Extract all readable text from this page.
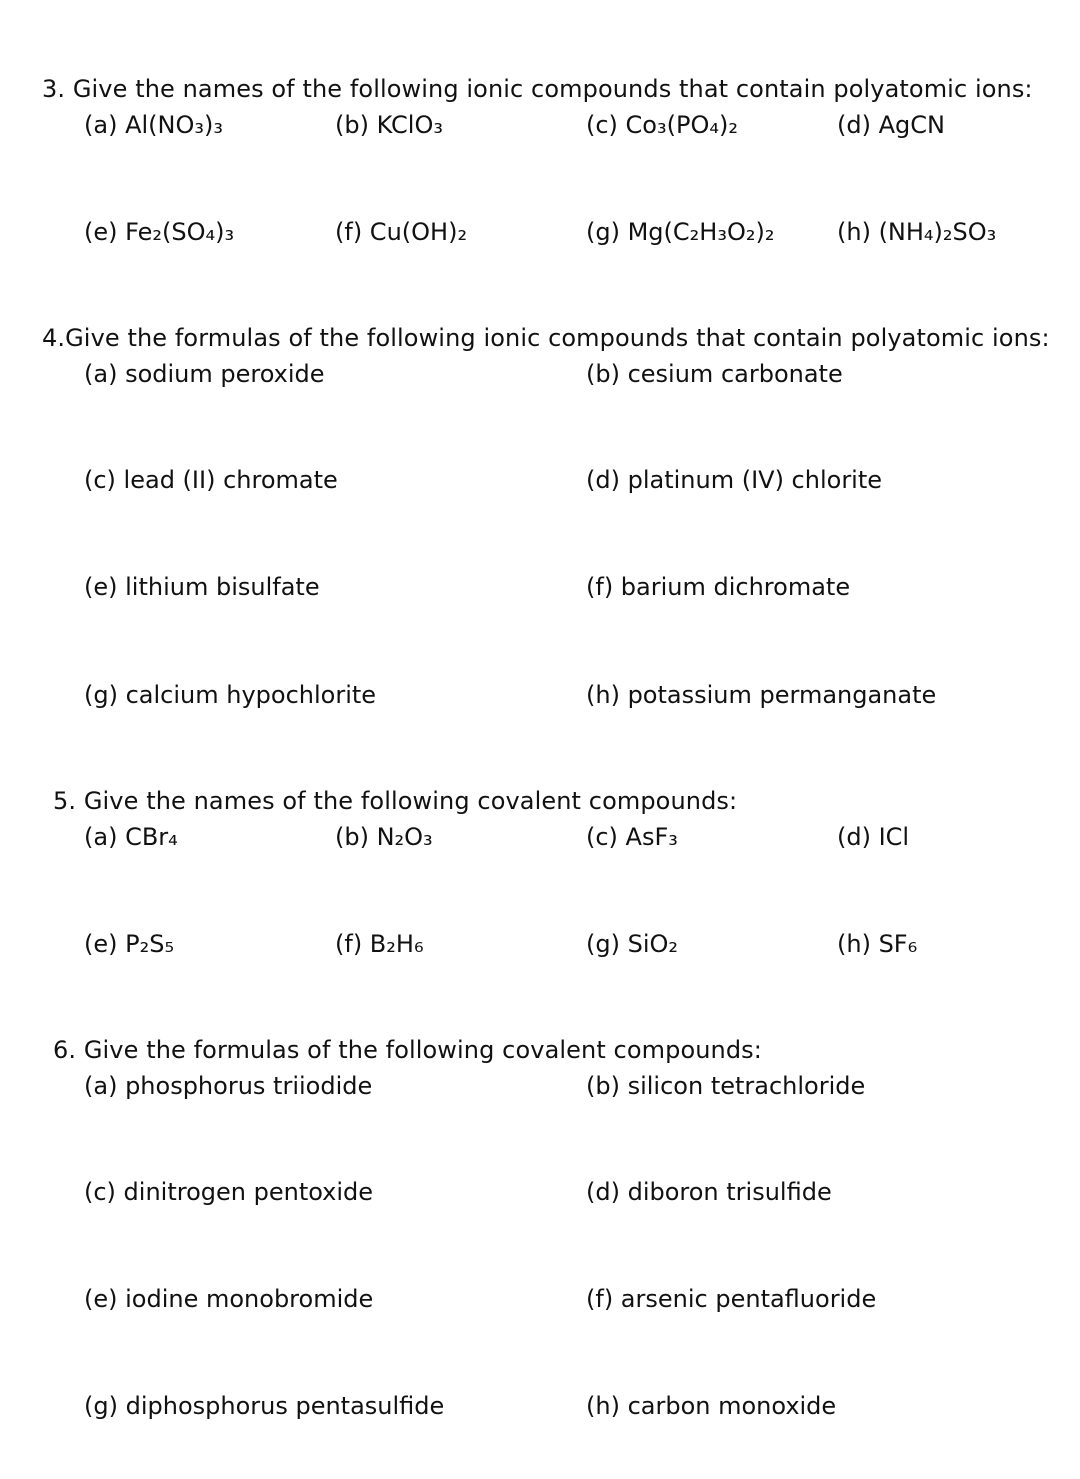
3. Give the names of the following ionic compounds that contain polyatomic ions:
(a) Al(NO₃)₃	(b) KClO₃	(c) Co₃(PO₄)₂	(d) AgCN
(e) Fe₂(SO₄)₃	(f) Cu(OH)₂	(g) Mg(C₂H₃O₂)₂	(h) (NH₄)₂SO₃
4.Give the formulas of the following ionic compounds that contain polyatomic ions:
(a) sodium peroxide	(b) cesium carbonate
(c) lead (II) chromate	(d) platinum (IV) chlorite
(e) lithium bisulfate	(f) barium dichromate
(g) calcium hypochlorite	(h) potassium permanganate
5. Give the names of the following covalent compounds:
(a) CBr₄	(b) N₂O₃	(c) AsF₃	(d) ICl
(e) P₂S₅	(f) B₂H₆	(g) SiO₂	(h) SF₆
6. Give the formulas of the following covalent compounds:
(a) phosphorus triiodide	(b) silicon tetrachloride
(c) dinitrogen pentoxide	(d) diboron trisulfide
(e) iodine monobromide	(f) arsenic pentafluoride
(g) diphosphorus pentasulfide	(h) carbon monoxide
